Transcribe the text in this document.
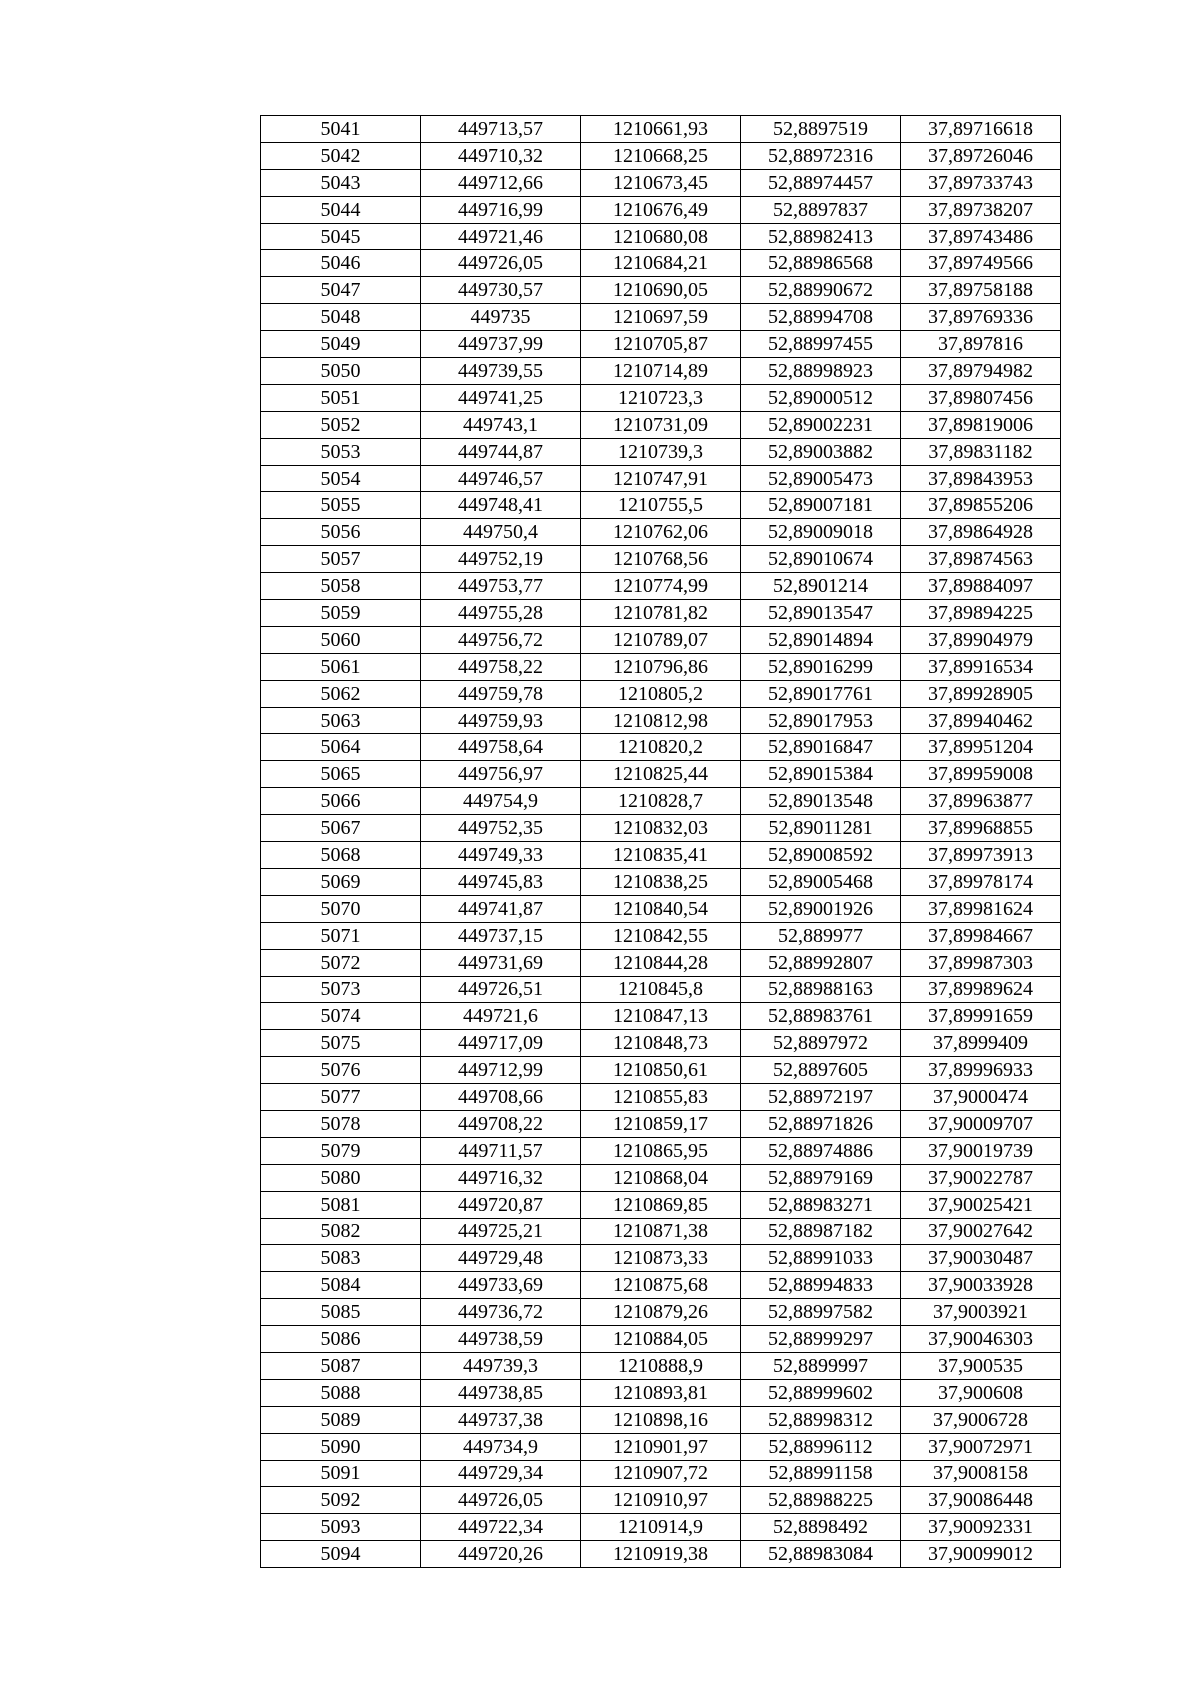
5041	449713,57	1210661,93	52,8897519	37,89716618
5042	449710,32	1210668,25	52,88972316	37,89726046
5043	449712,66	1210673,45	52,88974457	37,89733743
5044	449716,99	1210676,49	52,8897837	37,89738207
5045	449721,46	1210680,08	52,88982413	37,89743486
5046	449726,05	1210684,21	52,88986568	37,89749566
5047	449730,57	1210690,05	52,88990672	37,89758188
5048	449735	1210697,59	52,88994708	37,89769336
5049	449737,99	1210705,87	52,88997455	37,897816
5050	449739,55	1210714,89	52,88998923	37,89794982
5051	449741,25	1210723,3	52,89000512	37,89807456
5052	449743,1	1210731,09	52,89002231	37,89819006
5053	449744,87	1210739,3	52,89003882	37,89831182
5054	449746,57	1210747,91	52,89005473	37,89843953
5055	449748,41	1210755,5	52,89007181	37,89855206
5056	449750,4	1210762,06	52,89009018	37,89864928
5057	449752,19	1210768,56	52,89010674	37,89874563
5058	449753,77	1210774,99	52,8901214	37,89884097
5059	449755,28	1210781,82	52,89013547	37,89894225
5060	449756,72	1210789,07	52,89014894	37,89904979
5061	449758,22	1210796,86	52,89016299	37,89916534
5062	449759,78	1210805,2	52,89017761	37,89928905
5063	449759,93	1210812,98	52,89017953	37,89940462
5064	449758,64	1210820,2	52,89016847	37,89951204
5065	449756,97	1210825,44	52,89015384	37,89959008
5066	449754,9	1210828,7	52,89013548	37,89963877
5067	449752,35	1210832,03	52,89011281	37,89968855
5068	449749,33	1210835,41	52,89008592	37,89973913
5069	449745,83	1210838,25	52,89005468	37,89978174
5070	449741,87	1210840,54	52,89001926	37,89981624
5071	449737,15	1210842,55	52,889977	37,89984667
5072	449731,69	1210844,28	52,88992807	37,89987303
5073	449726,51	1210845,8	52,88988163	37,89989624
5074	449721,6	1210847,13	52,88983761	37,89991659
5075	449717,09	1210848,73	52,8897972	37,8999409
5076	449712,99	1210850,61	52,8897605	37,89996933
5077	449708,66	1210855,83	52,88972197	37,9000474
5078	449708,22	1210859,17	52,88971826	37,90009707
5079	449711,57	1210865,95	52,88974886	37,90019739
5080	449716,32	1210868,04	52,88979169	37,90022787
5081	449720,87	1210869,85	52,88983271	37,90025421
5082	449725,21	1210871,38	52,88987182	37,90027642
5083	449729,48	1210873,33	52,88991033	37,90030487
5084	449733,69	1210875,68	52,88994833	37,90033928
5085	449736,72	1210879,26	52,88997582	37,9003921
5086	449738,59	1210884,05	52,88999297	37,90046303
5087	449739,3	1210888,9	52,8899997	37,900535
5088	449738,85	1210893,81	52,88999602	37,900608
5089	449737,38	1210898,16	52,88998312	37,9006728
5090	449734,9	1210901,97	52,88996112	37,90072971
5091	449729,34	1210907,72	52,88991158	37,9008158
5092	449726,05	1210910,97	52,88988225	37,90086448
5093	449722,34	1210914,9	52,8898492	37,90092331
5094	449720,26	1210919,38	52,88983084	37,90099012
